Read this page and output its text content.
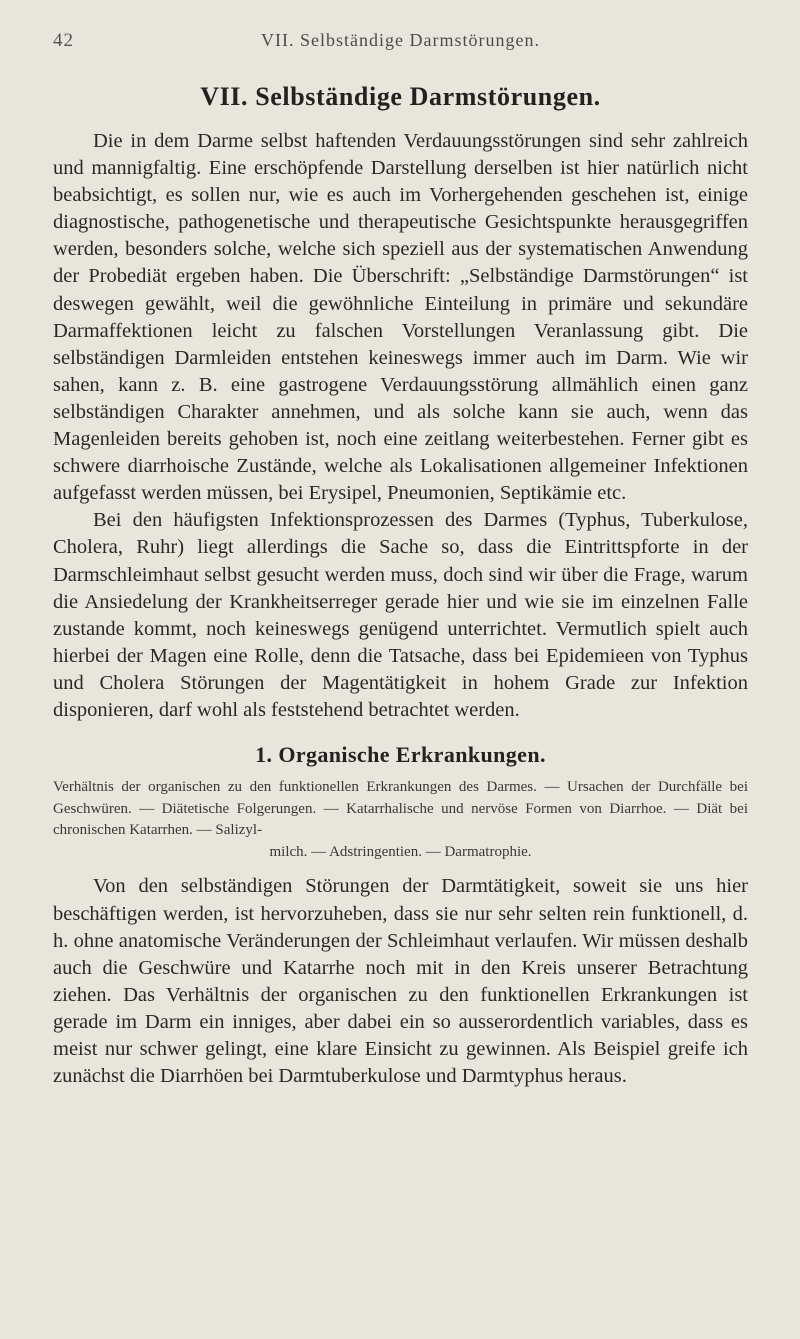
42	VII. Selbständige Darmstörungen.
VII. Selbständige Darmstörungen.

Die in dem Darme selbst haftenden Verdauungsstörungen sind sehr zahlreich und mannigfaltig. Eine erschöpfende Darstellung derselben ist hier natürlich nicht beabsichtigt, es sollen nur, wie es auch im Vorhergehenden geschehen ist, einige diagnostische, pathogenetische und therapeutische Gesichtspunkte herausgegriffen werden, besonders solche, welche sich speziell aus der systematischen Anwendung der Probediät ergeben haben. Die Überschrift: „Selbständige Darmstörungen“ ist deswegen gewählt, weil die gewöhnliche Einteilung in primäre und sekundäre Darmaffektionen leicht zu falschen Vorstellungen Veranlassung gibt. Die selbständigen Darmleiden entstehen keineswegs immer auch im Darm. Wie wir sahen, kann z. B. eine gastrogene Verdauungsstörung allmählich einen ganz selbständigen Charakter annehmen, und als solche kann sie auch, wenn das Magenleiden bereits gehoben ist, noch eine zeitlang weiterbestehen. Ferner gibt es schwere diarrhoische Zustände, welche als Lokalisationen allgemeiner Infektionen aufgefasst werden müssen, bei Erysipel, Pneumonien, Septikämie etc.

Bei den häufigsten Infektionsprozessen des Darmes (Typhus, Tuberkulose, Cholera, Ruhr) liegt allerdings die Sache so, dass die Eintrittspforte in der Darmschleimhaut selbst gesucht werden muss, doch sind wir über die Frage, warum die Ansiedelung der Krankheitserreger gerade hier und wie sie im einzelnen Falle zustande kommt, noch keineswegs genügend unterrichtet. Vermutlich spielt auch hierbei der Magen eine Rolle, denn die Tatsache, dass bei Epidemieen von Typhus und Cholera Störungen der Magentätigkeit in hohem Grade zur Infektion disponieren, darf wohl als feststehend betrachtet werden.

1. Organische Erkrankungen.

Verhältnis der organischen zu den funktionellen Erkrankungen des Darmes. — Ursachen der Durchfälle bei Geschwüren. — Diätetische Folgerungen. — Katarrhalische und nervöse Formen von Diarrhoe. — Diät bei chronischen Katarrhen. — Salizyl-
milch. — Adstringentien. — Darmatrophie.

Von den selbständigen Störungen der Darmtätigkeit, soweit sie uns hier beschäftigen werden, ist hervorzuheben, dass sie nur sehr selten rein funktionell, d. h. ohne anatomische Veränderungen der Schleimhaut verlaufen. Wir müssen deshalb auch die Geschwüre und Katarrhe noch mit in den Kreis unserer Betrachtung ziehen. Das Verhältnis der organischen zu den funktionellen Erkrankungen ist gerade im Darm ein inniges, aber dabei ein so ausserordentlich variables, dass es meist nur schwer gelingt, eine klare Einsicht zu gewinnen. Als Beispiel greife ich zunächst die Diarrhöen bei Darmtuberkulose und Darmtyphus heraus.
